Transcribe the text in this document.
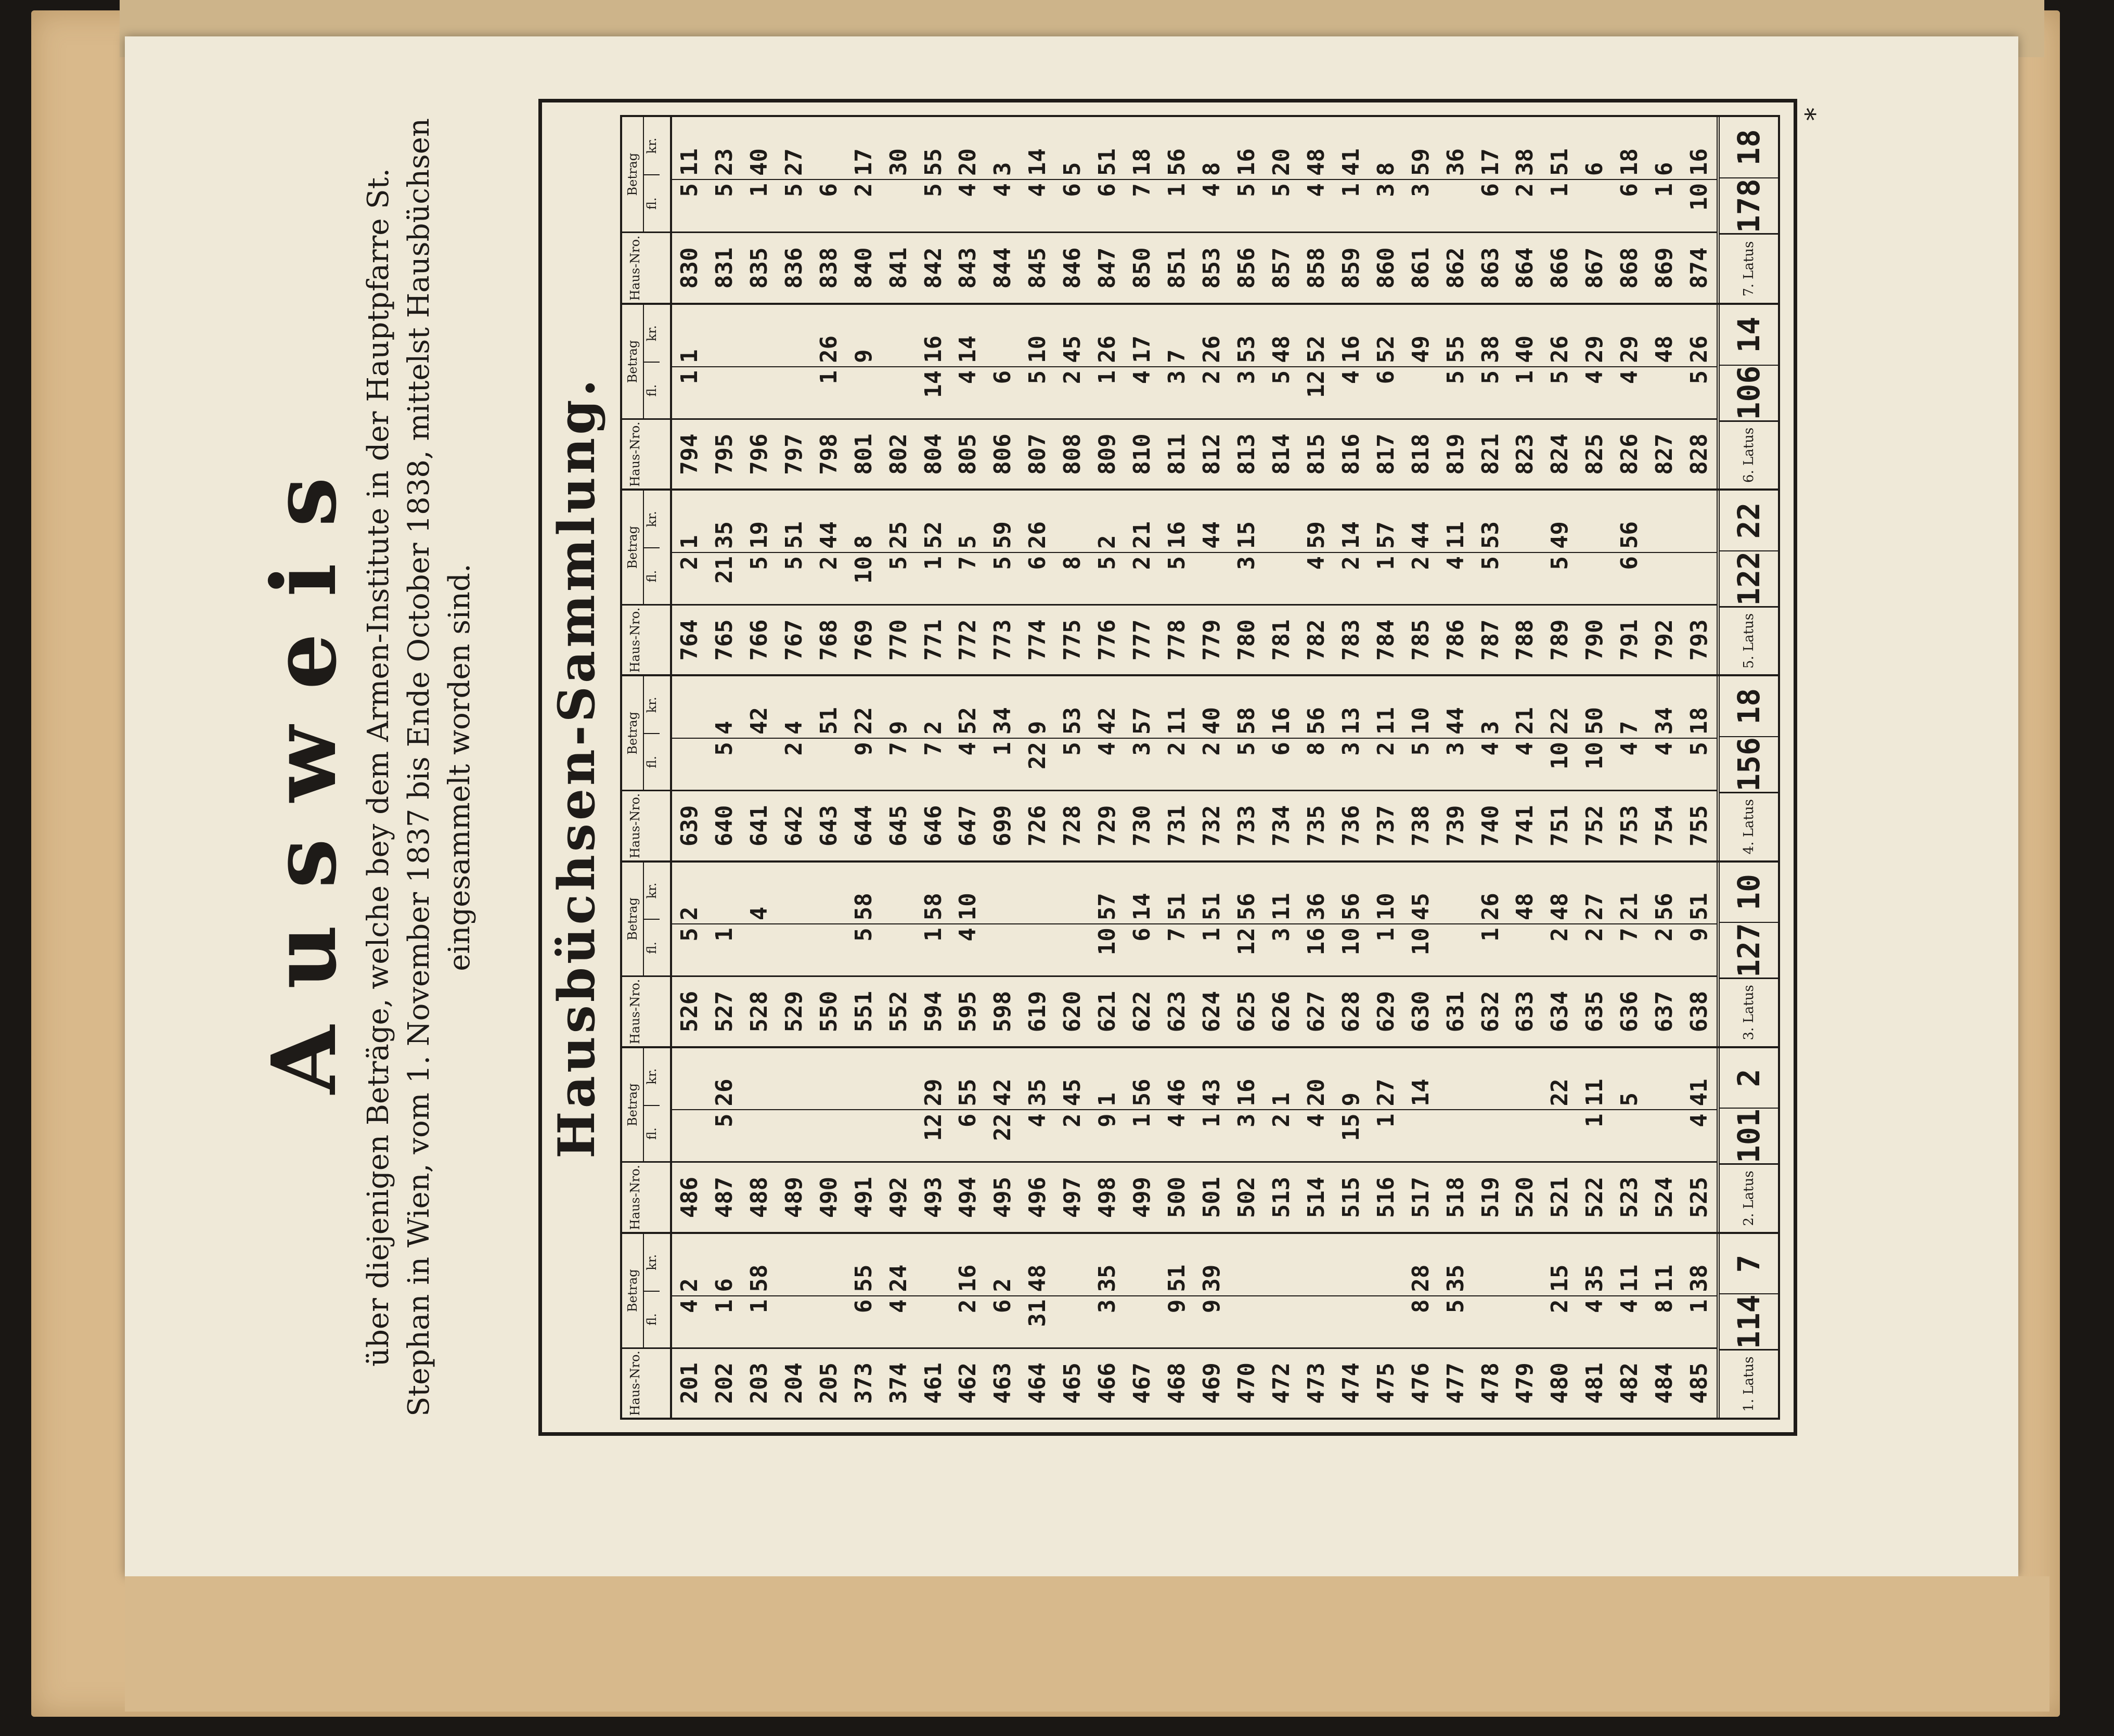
Ausweis über diejenigen Beträge, welche bey dem Armen-Institute in der Hauptpfarre St. Stephan in Wien, vom 1. November 1837 bis Ende October 1838, mittelst Hausbüchsen eingesammelt worden sind. Hausbüchsen-Sammlung.
Haus-Nro.
Betrag
fl.
kr.
201
4
2
202
1
6
203
1
58
204 205 373
6
55
374
4
24
461 462
2
16
463
6
2
464
31
48
465 466
3
35
467 468
9
51
469
9
39
470 472 473 474 475 476
8
28
477
5
35
478 479 480
2
15
481
4
35
482
4
11
484
8
11
485
1
38
1. Latus
114
7
Haus-Nro.
Betrag
fl.
kr.
486 487
5
26
488 489 490 491 492 493
12
29
494
6
55
495
22
42
496
4
35
497
2
45
498
9
1
499
1
56
500
4
46
501
1
43
502
3
16
513
2
1
514
4
20
515
15
9
516
1
27
517
14
518 519 520 521
22
522
1
11
523
5
524 525
4
41
2. Latus
101
2
Haus-Nro.
Betrag
fl.
kr.
526
5
2
527
1
528
4
529 550 551
5
58
552 594
1
58
595
4
10
598 619 620 621
10
57
622
6
14
623
7
51
624
1
51
625
12
56
626
3
11
627
16
36
628
10
56
629
1
10
630
10
45
631 632
1
26
633
48
634
2
48
635
2
27
636
7
21
637
2
56
638
9
51
3. Latus
127
10
Haus-Nro.
Betrag
fl.
kr.
639 640
5
4
641
42
642
2
4
643
51
644
9
22
645
7
9
646
7
2
647
4
52
699
1
34
726
22
9
728
5
53
729
4
42
730
3
57
731
2
11
732
2
40
733
5
58
734
6
16
735
8
56
736
3
13
737
2
11
738
5
10
739
3
44
740
4
3
741
4
21
751
10
22
752
10
50
753
4
7
754
4
34
755
5
18
4. Latus
156
18
Haus-Nro.
Betrag
fl.
kr.
764
2
1
765
21
35
766
5
19
767
5
51
768
2
44
769
10
8
770
5
25
771
1
52
772
7
5
773
5
59
774
6
26
775
8
776
5
2
777
2
21
778
5
16
779
44
780
3
15
781 782
4
59
783
2
14
784
1
57
785
2
44
786
4
11
787
5
53
788 789
5
49
790 791
6
56
792 793	5. Latus
122
22
Haus-Nro.
Betrag
fl.
kr.
794
1
1
795 796 797 798
1
26
801
9
802 804
14
16
805
4
14
806
6
807
5
10
808
2
45
809
1
26
810
4
17
811
3
7
812
2
26
813
3
53
814
5
48
815
12
52
816
4
16
817
6
52
818
49
819
5
55
821
5
38
823
1
40
824
5
26
825
4
29
826
4
29
827
48
828
5
26
6. Latus
106
14
Haus-Nro.
Betrag
fl.
kr.
830
5
11
831
5
23
835
1
40
836
5
27
838
6
840
2
17
841
30
842
5
55
843
4
20
844
4
3
845
4
14
846
6
5
847
6
51
850
7
18
851
1
56
853
4
8
856
5
16
857
5
20
858
4
48
859
1
41
860
3
8
861
3
59
862
36
863
6
17
864
2
38
866
1
51
867
6
868
6
18
869
1
6
874
10
16
7. Latus
178
18
*
